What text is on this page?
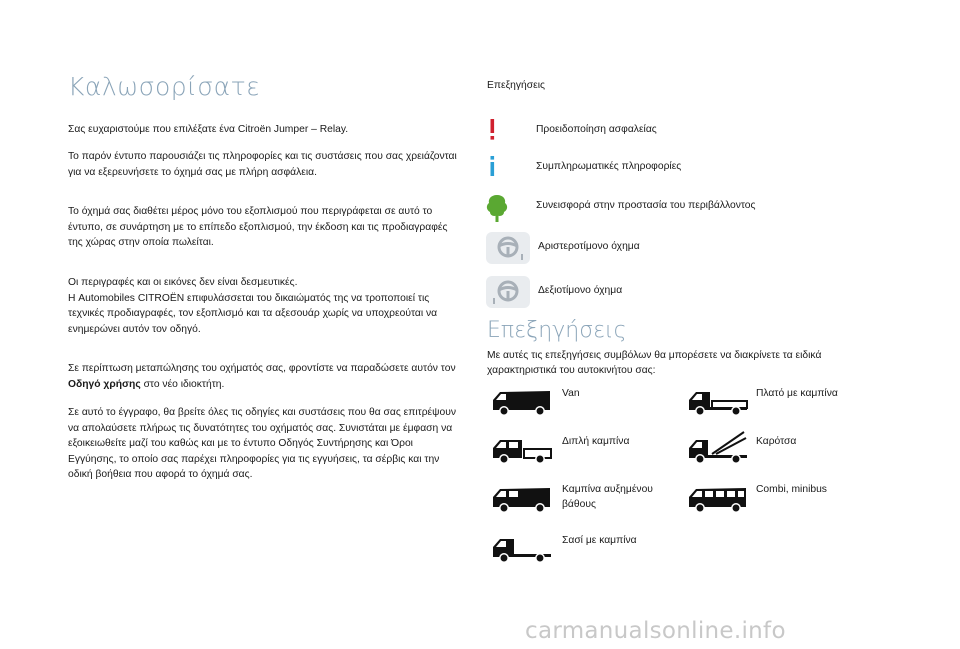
Καλωσορίσατε
Σας ευχαριστούμε που επιλέξατε ένα Citroën Jumper – Relay.
Το παρόν έντυπο παρουσιάζει τις πληροφορίες και τις συστάσεις που σας χρειάζονται για να εξερευνήσετε το όχημά σας με πλήρη ασφάλεια.
Το όχημά σας διαθέτει μέρος μόνο του εξοπλισμού που περιγράφεται σε αυτό το έντυπο, σε συνάρτηση με το επίπεδο εξοπλισμού, την έκδοση και τις προδιαγραφές της χώρας στην οποία πωλείται.
Οι περιγραφές και οι εικόνες δεν είναι δεσμευτικές.
Η Automobiles CITROËN επιφυλάσσεται του δικαιώματός της να τροποποιεί τις τεχνικές προδιαγραφές, τον εξοπλισμό και τα αξεσουάρ χωρίς να υποχρεούται να ενημερώνει αυτόν τον οδηγό.
Σε περίπτωση μεταπώλησης του οχήματός σας, φροντίστε να παραδώσετε αυτόν τον Οδηγό χρήσης στο νέο ιδιοκτήτη.
Σε αυτό το έγγραφο, θα βρείτε όλες τις οδηγίες και συστάσεις που θα σας επιτρέψουν να απολαύσετε πλήρως τις δυνατότητες του οχήματός σας. Συνιστάται με έμφαση να εξοικειωθείτε μαζί του καθώς και με το έντυπο Οδηγός Συντήρησης και Όροι Εγγύησης, το οποίο σας παρέχει πληροφορίες για τις εγγυήσεις, τα σέρβις και την οδική βοήθεια που αφορά το όχημά σας.
Επεξηγήσεις
Προειδοποίηση ασφαλείας
Συμπληρωματικές πληροφορίες
Συνεισφορά στην προστασία του περιβάλλοντος
Αριστεροτίμονο όχημα
Δεξιοτίμονο όχημα
Επεξηγήσεις
Με αυτές τις επεξηγήσεις συμβόλων θα μπορέσετε να διακρίνετε τα ειδικά χαρακτηριστικά του αυτοκινήτου σας:
Van	Πλατό με καμπίνα
Διπλή καμπίνα	Καρότσα
Καμπίνα αυξημένου βάθους
Combi, minibus
Σασί με καμπίνα
carmanualsonline.info
